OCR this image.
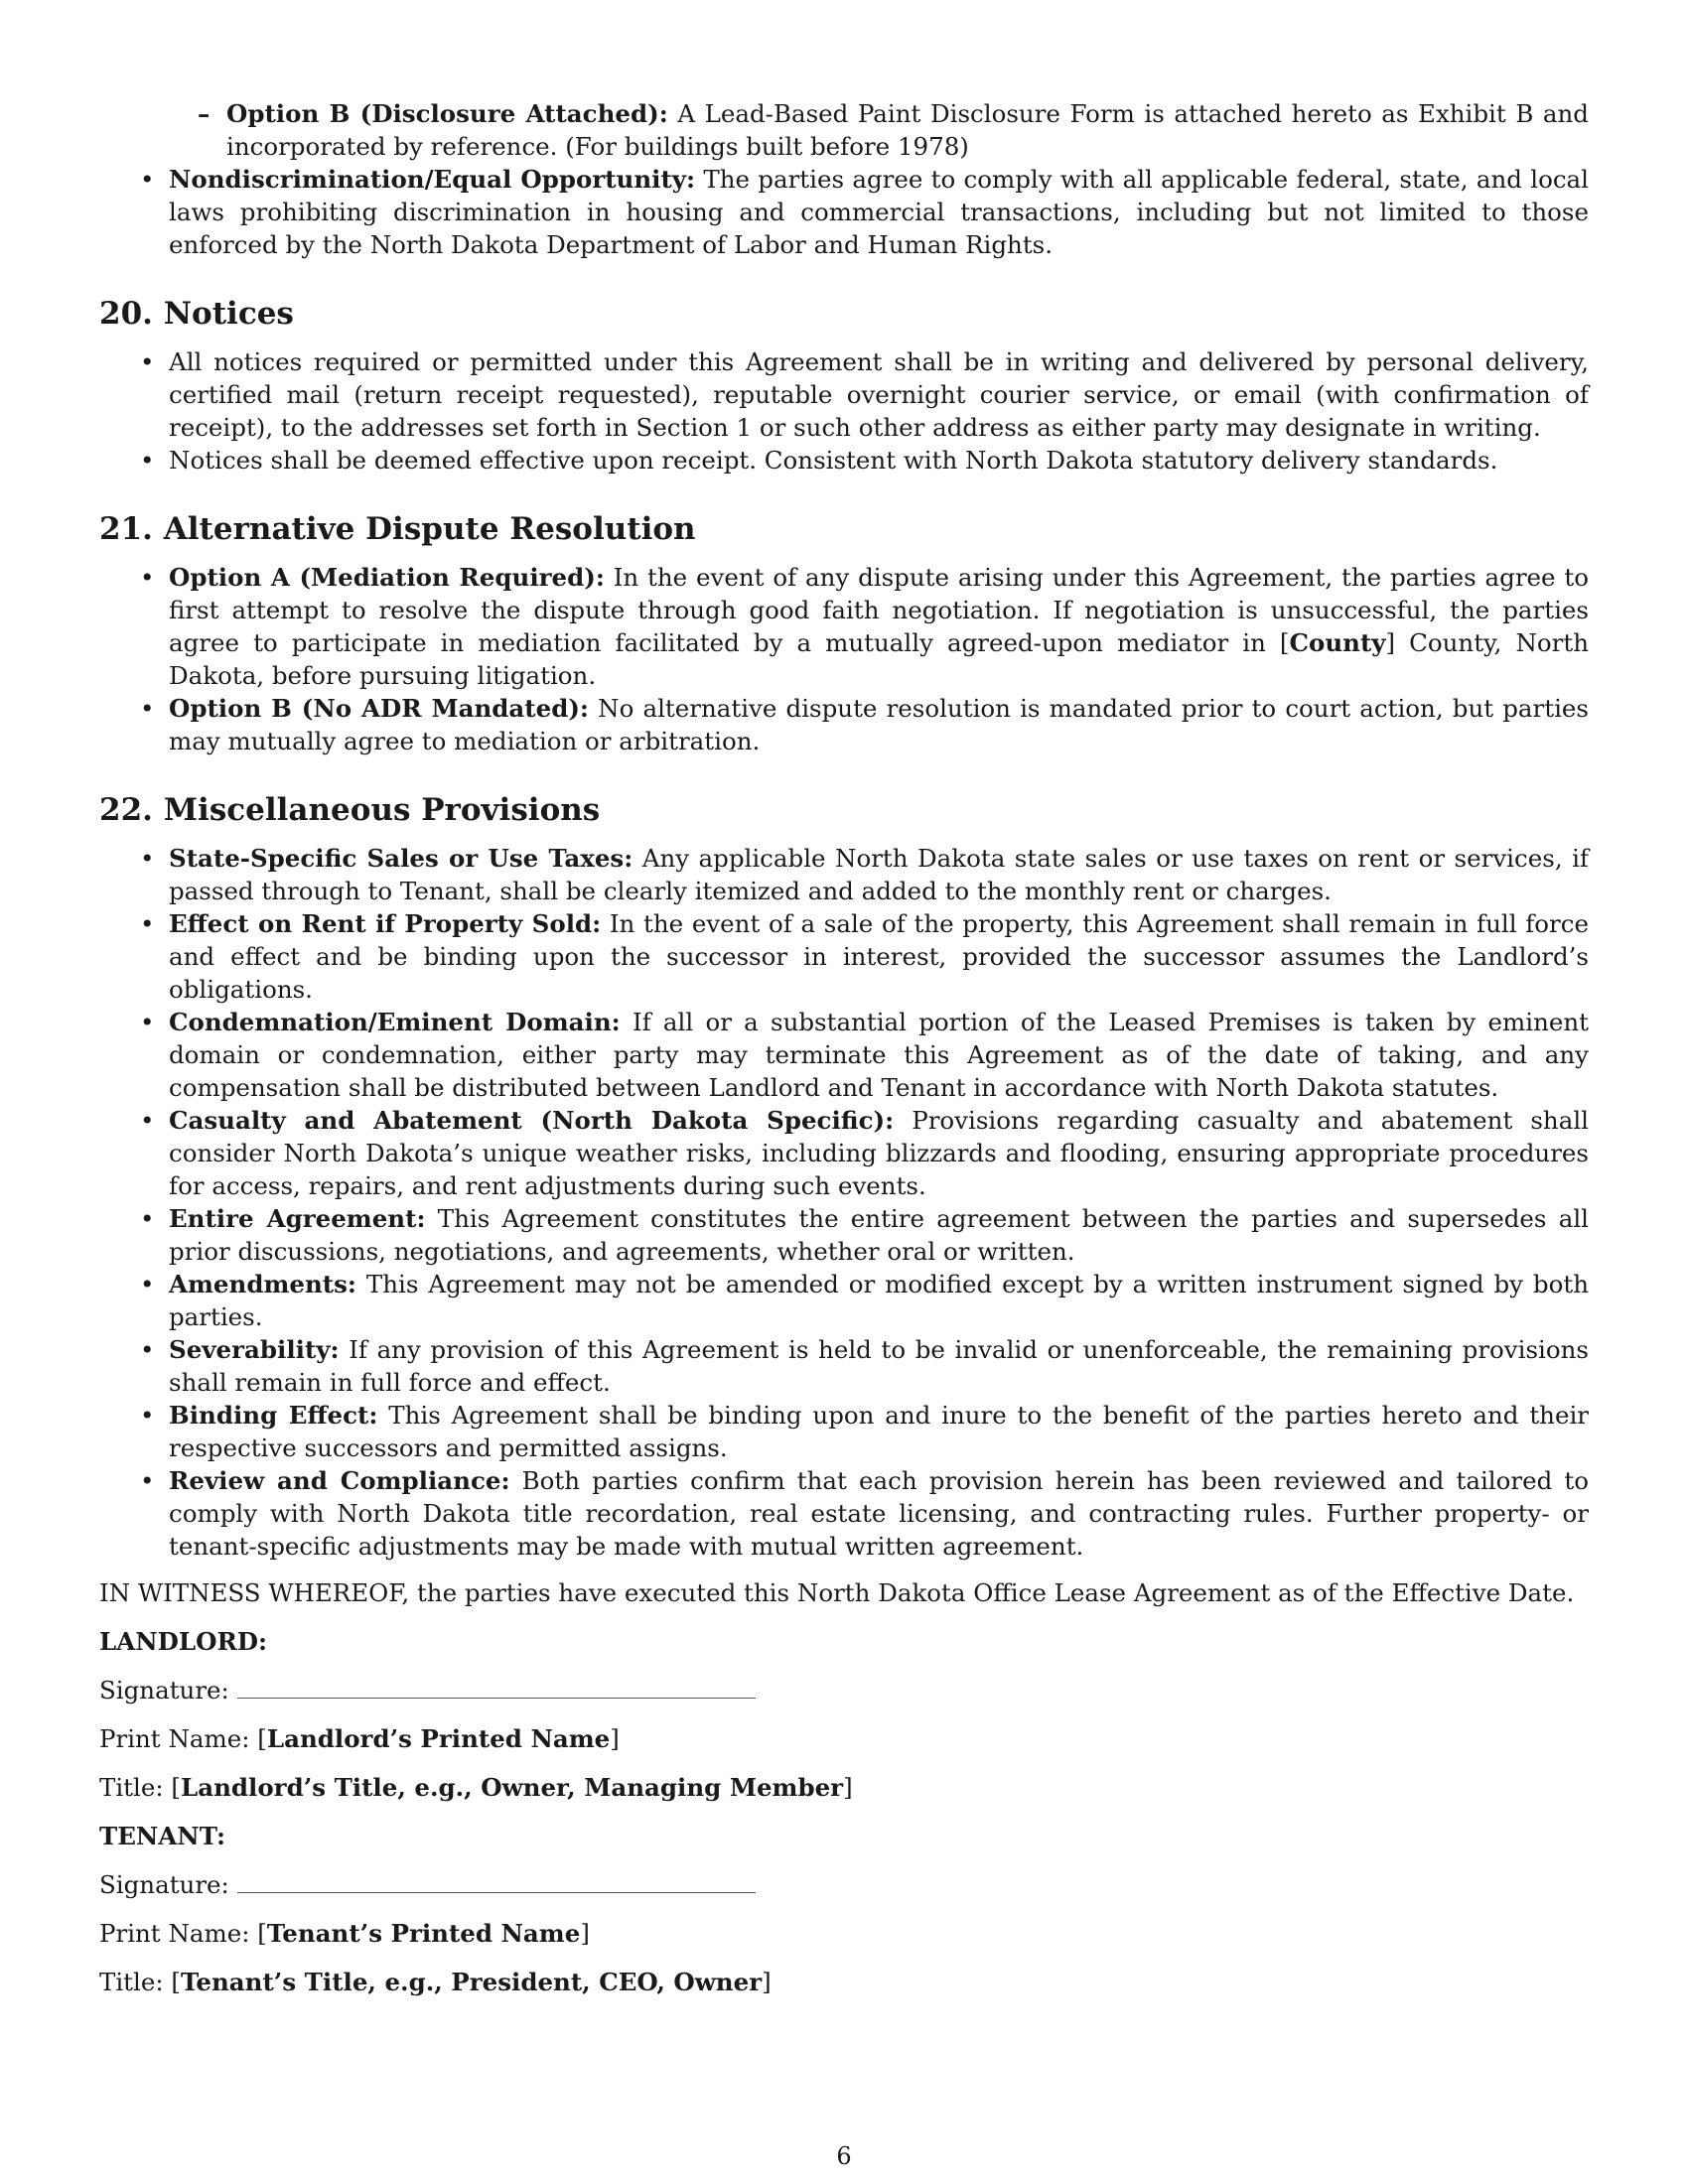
– Option B (Disclosure Attached): A Lead-Based Paint Disclosure Form is attached hereto as Exhibit B and incorporated by reference. (For buildings built before 1978)
• Nondiscrimination/Equal Opportunity: The parties agree to comply with all applicable federal, state, and local laws prohibiting discrimination in housing and commercial transactions, including but not limited to those enforced by the North Dakota Department of Labor and Human Rights.
20. Notices
• All notices required or permitted under this Agreement shall be in writing and delivered by personal delivery, certified mail (return receipt requested), reputable overnight courier service, or email (with confirmation of receipt), to the addresses set forth in Section 1 or such other address as either party may designate in writing.
• Notices shall be deemed effective upon receipt. Consistent with North Dakota statutory delivery standards.
21. Alternative Dispute Resolution
• Option A (Mediation Required): In the event of any dispute arising under this Agreement, the parties agree to first attempt to resolve the dispute through good faith negotiation. If negotiation is unsuccessful, the parties agree to participate in mediation facilitated by a mutually agreed-upon mediator in [County] County, North Dakota, before pursuing litigation.
• Option B (No ADR Mandated): No alternative dispute resolution is mandated prior to court action, but parties may mutually agree to mediation or arbitration.
22. Miscellaneous Provisions
• State-Specific Sales or Use Taxes: Any applicable North Dakota state sales or use taxes on rent or services, if passed through to Tenant, shall be clearly itemized and added to the monthly rent or charges.
• Effect on Rent if Property Sold: In the event of a sale of the property, this Agreement shall remain in full force and effect and be binding upon the successor in interest, provided the successor assumes the Landlord’s obligations.
• Condemnation/Eminent Domain: If all or a substantial portion of the Leased Premises is taken by eminent domain or condemnation, either party may terminate this Agreement as of the date of taking, and any compensation shall be distributed between Landlord and Tenant in accordance with North Dakota statutes.
• Casualty and Abatement (North Dakota Specific): Provisions regarding casualty and abatement shall consider North Dakota’s unique weather risks, including blizzards and flooding, ensuring appropriate procedures for access, repairs, and rent adjustments during such events.
• Entire Agreement: This Agreement constitutes the entire agreement between the parties and supersedes all prior discussions, negotiations, and agreements, whether oral or written.
• Amendments: This Agreement may not be amended or modified except by a written instrument signed by both parties.
• Severability: If any provision of this Agreement is held to be invalid or unenforceable, the remaining provisions shall remain in full force and effect.
• Binding Effect: This Agreement shall be binding upon and inure to the benefit of the parties hereto and their respective successors and permitted assigns.
• Review and Compliance: Both parties confirm that each provision herein has been reviewed and tailored to comply with North Dakota title recordation, real estate licensing, and contracting rules. Further property- or tenant-specific adjustments may be made with mutual written agreement.

IN WITNESS WHEREOF, the parties have executed this North Dakota Office Lease Agreement as of the Effective Date.

LANDLORD:

Signature:

Print Name: [Landlord’s Printed Name]

Title: [Landlord’s Title, e.g., Owner, Managing Member]

TENANT:

Signature:

Print Name: [Tenant’s Printed Name]

Title: [Tenant’s Title, e.g., President, CEO, Owner]

6
